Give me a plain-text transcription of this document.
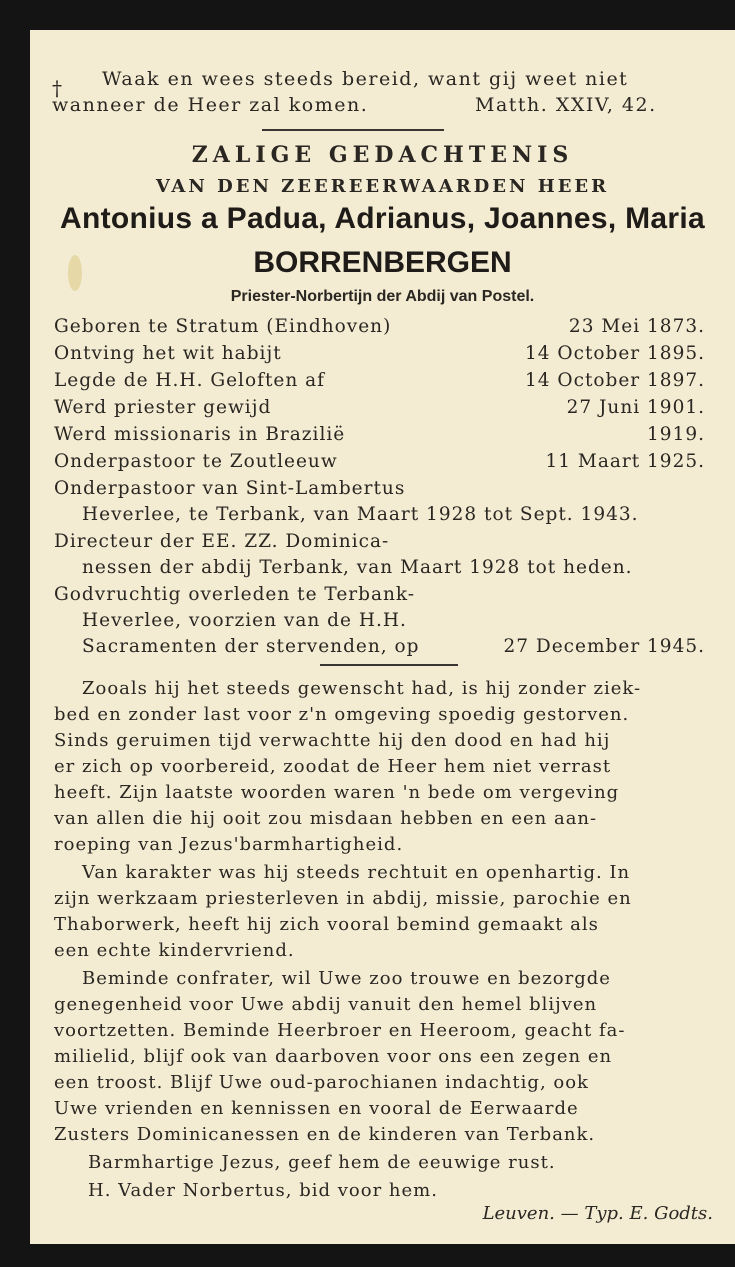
† Waak en wees steeds bereid, want gij weet niet
wanneer de Heer zal komen.	Matth. XXIV, 42.
ZALIGE GEDACHTENIS
VAN DEN ZEEREERWAARDEN HEER
Antonius a Padua, Adrianus, Joannes, Maria
BORRENBERGEN
Priester-Norbertijn der Abdij van Postel.
Geboren te Stratum (Eindhoven)	23 Mei 1873.
Ontving het wit habijt	14 October 1895.
Legde de H.H. Geloften af	14 October 1897.
Werd priester gewijd	27 Juni 1901.
Werd missionaris in Brazilië	1919.
Onderpastoor te Zoutleeuw	11 Maart 1925.
Onderpastoor van Sint-Lambertus
Heverlee, te Terbank, van Maart 1928 tot Sept. 1943.
Directeur der EE. ZZ. Dominica-
nessen der abdij Terbank, van Maart 1928 tot heden.
Godvruchtig overleden te Terbank-
Heverlee, voorzien van de H.H.
Sacramenten der stervenden, op	27 December 1945.
Zooals hij het steeds gewenscht had, is hij zonder ziek-
bed en zonder last voor z'n omgeving spoedig gestorven.
Sinds geruimen tijd verwachtte hij den dood en had hij
er zich op voorbereid, zoodat de Heer hem niet verrast
heeft. Zijn laatste woorden waren 'n bede om vergeving
van allen die hij ooit zou misdaan hebben en een aan-
roeping van Jezus'barmhartigheid.
Van karakter was hij steeds rechtuit en openhartig. In
zijn werkzaam priesterleven in abdij, missie, parochie en
Thaborwerk, heeft hij zich vooral bemind gemaakt als
een echte kindervriend.
Beminde confrater, wil Uwe zoo trouwe en bezorgde
genegenheid voor Uwe abdij vanuit den hemel blijven
voortzetten. Beminde Heerbroer en Heeroom, geacht fa-
milielid, blijf ook van daarboven voor ons een zegen en
een troost. Blijf Uwe oud-parochianen indachtig, ook
Uwe vrienden en kennissen en vooral de Eerwaarde
Zusters Dominicanessen en de kinderen van Terbank.
Barmhartige Jezus, geef hem de eeuwige rust.
H. Vader Norbertus, bid voor hem.
Leuven. — Typ. E. Godts.
